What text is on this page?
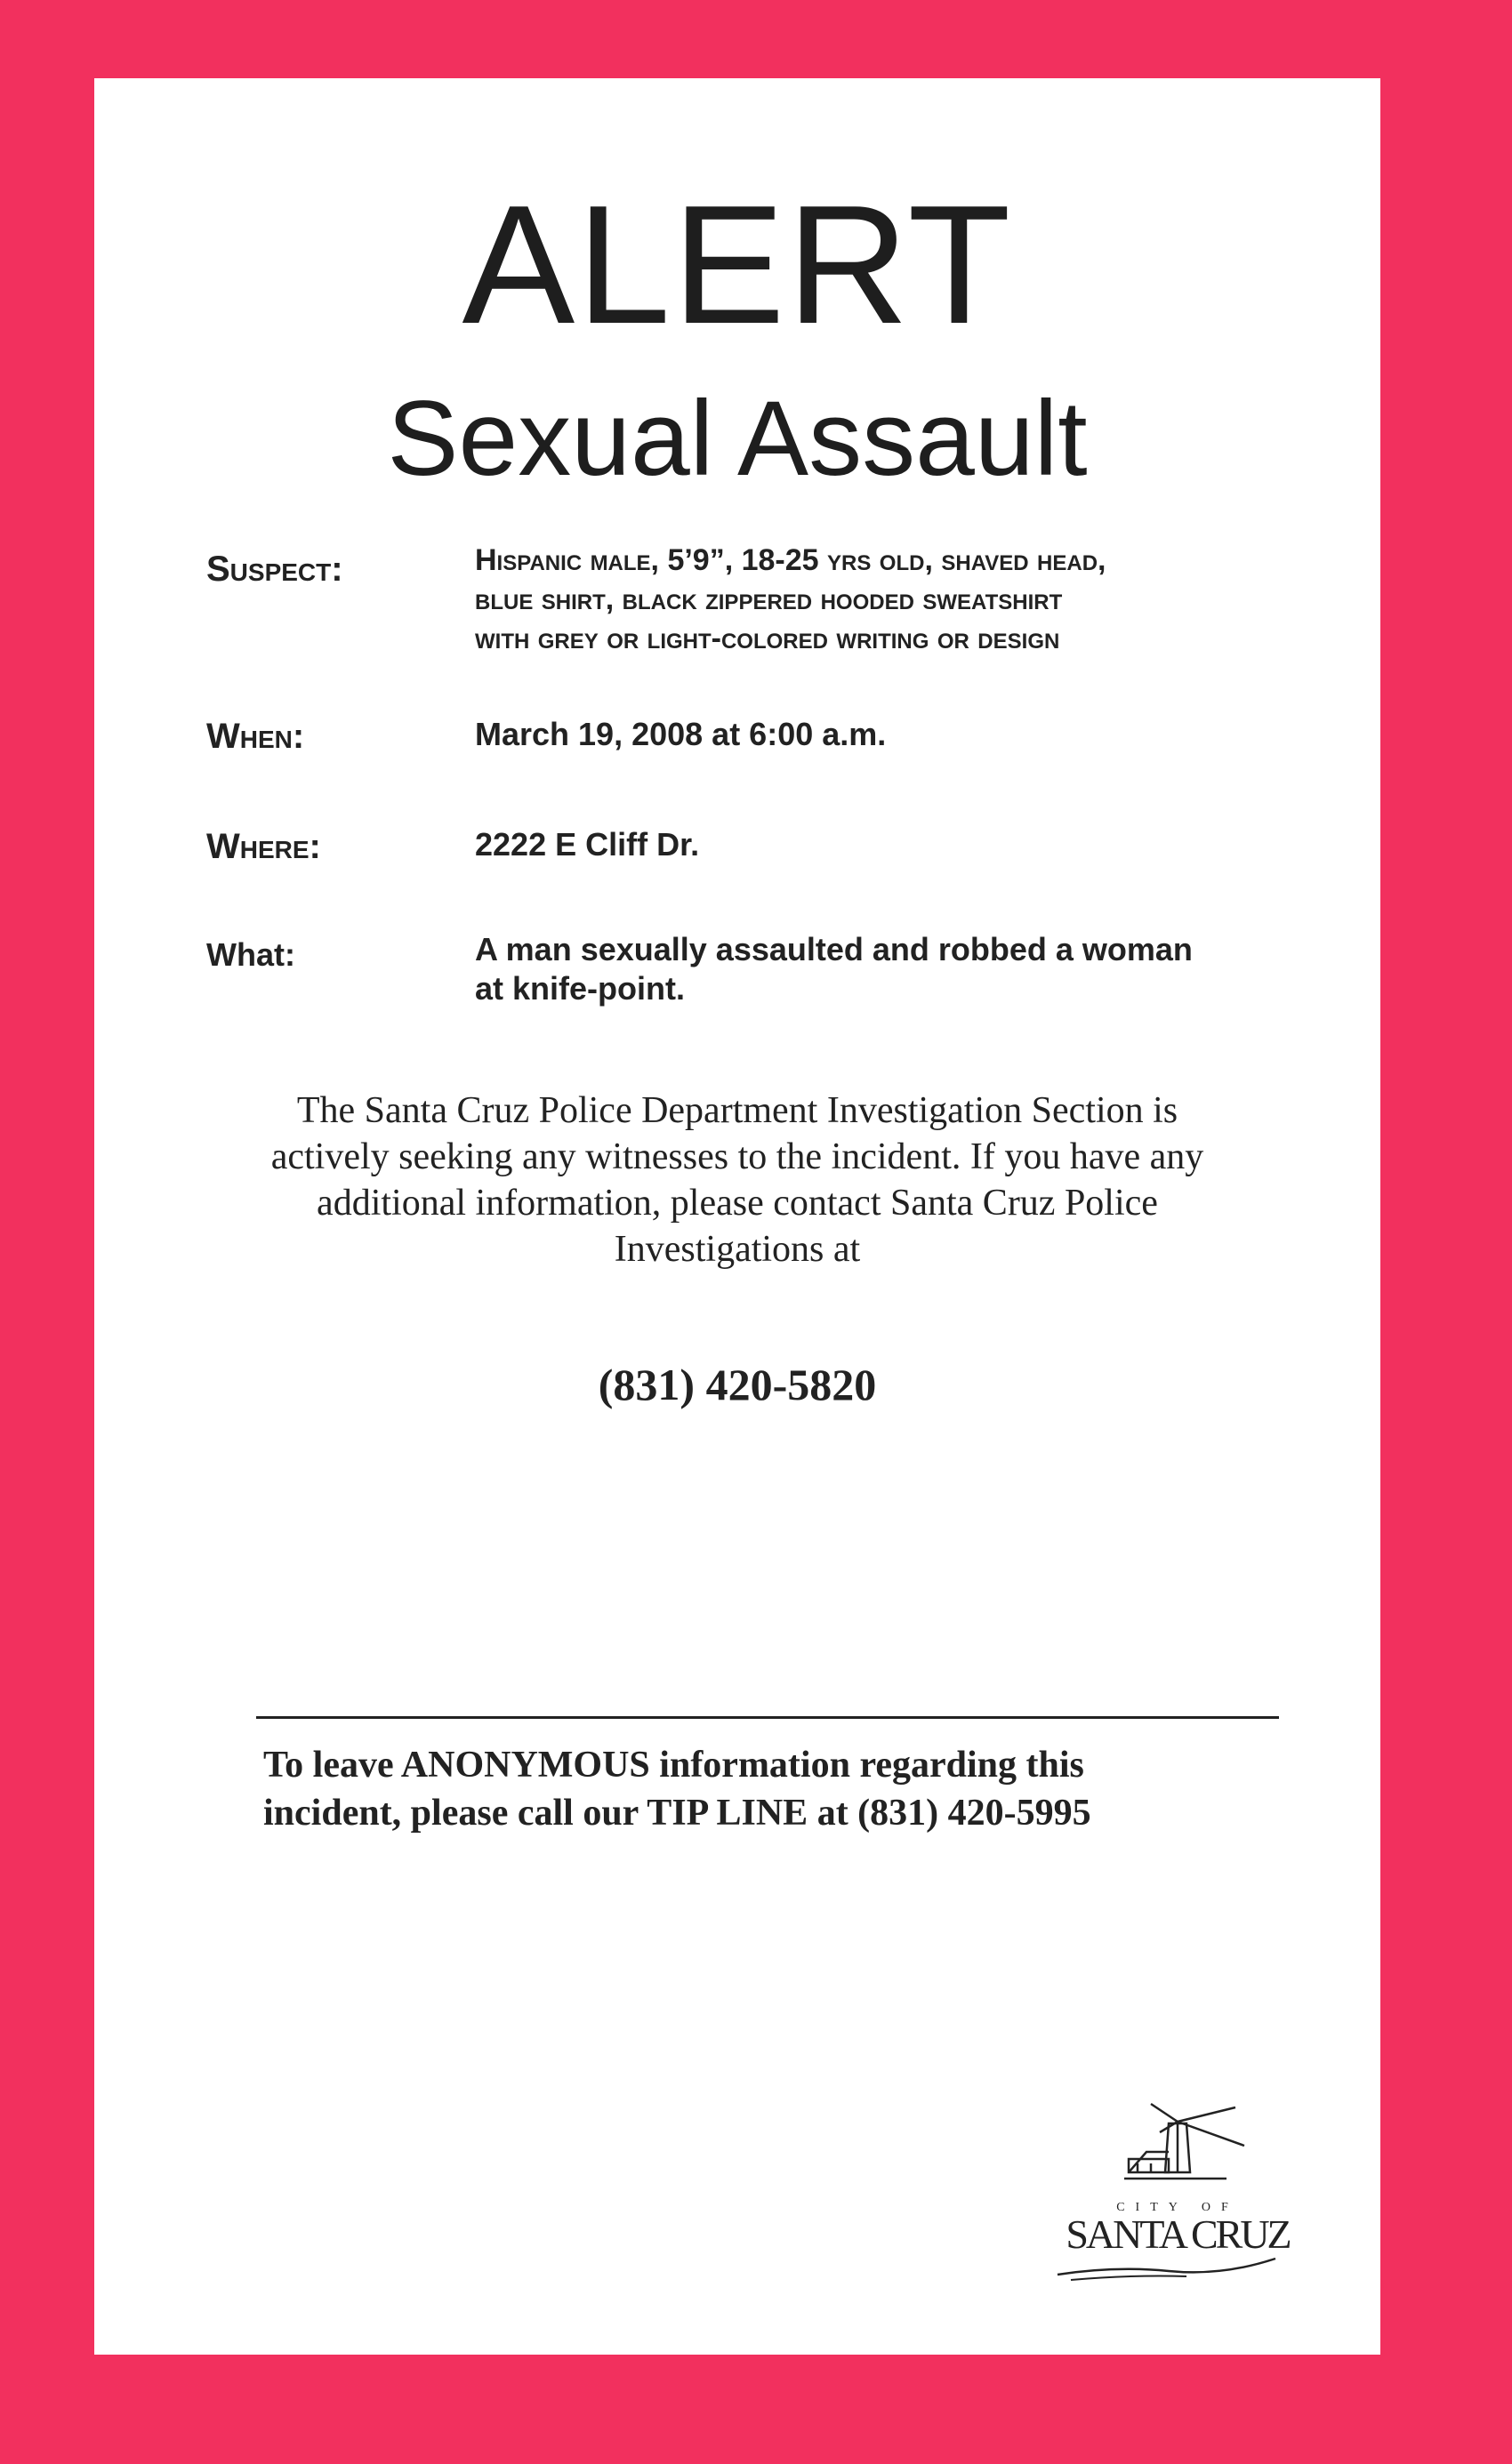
ALERT
Sexual Assault
Suspect:	Hispanic male, 5’9”, 18-25 yrs old, shaved head,
blue shirt, black zippered hooded sweatshirt
with grey or light-colored writing or design
When:	March 19, 2008 at 6:00 a.m.
Where:	2222 E Cliff Dr.
What:	A man sexually assaulted and robbed a woman
at knife-point.
The Santa Cruz Police Department Investigation Section is
actively seeking any witnesses to the incident. If you have any
additional information, please contact Santa Cruz Police
Investigations at
(831) 420-5820
To leave ANONYMOUS information regarding this
incident, please call our TIP LINE at (831) 420-5995
CITY OF
SANTA CRUZ
